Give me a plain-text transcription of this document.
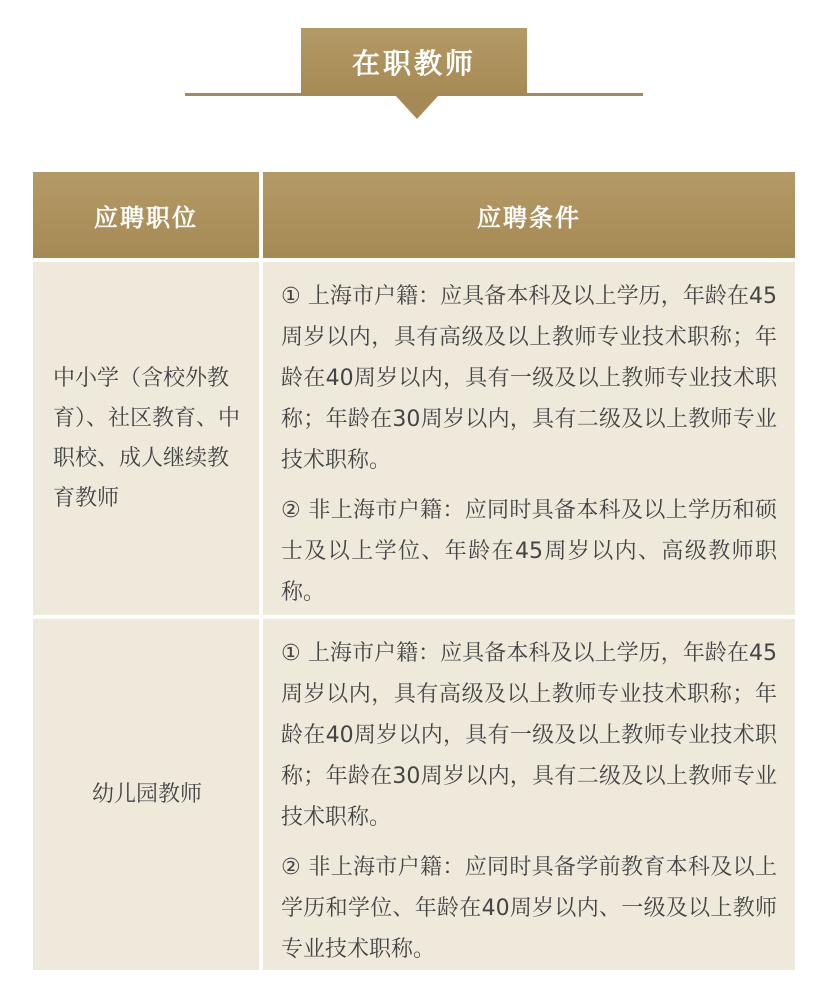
在职教师
应聘职位	应聘条件
中小学（含校外教育）、社区教育、中职校、成人继续教育教师

① 上海市户籍：应具备本科及以上学历，年龄在45周岁以内，具有高级及以上教师专业技术职称；年龄在40周岁以内，具有一级及以上教师专业技术职称；年龄在30周岁以内，具有二级及以上教师专业技术职称。

② 非上海市户籍：应同时具备本科及以上学历和硕士及以上学位、年龄在45周岁以内、高级教师职称。

幼儿园教师

① 上海市户籍：应具备本科及以上学历，年龄在45周岁以内，具有高级及以上教师专业技术职称；年龄在40周岁以内，具有一级及以上教师专业技术职称；年龄在30周岁以内，具有二级及以上教师专业技术职称。

② 非上海市户籍：应同时具备学前教育本科及以上学历和学位、年龄在40周岁以内、一级及以上教师专业技术职称。
